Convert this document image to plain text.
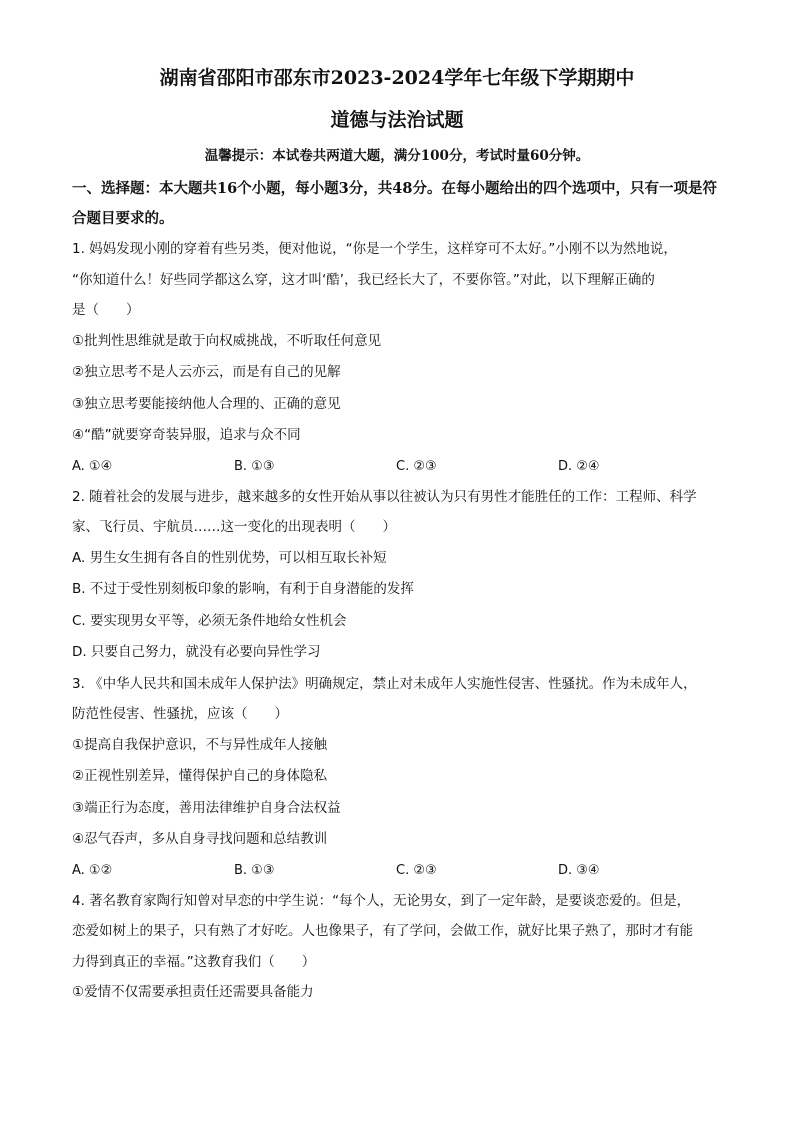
湖南省邵阳市邵东市2023-2024学年七年级下学期期中

道德与法治试题

温馨提示：本试卷共两道大题，满分100分，考试时量60分钟。

一、选择题：本大题共16个小题，每小题3分，共48分。在每小题给出的四个选项中，只有一项是符合题目要求的。

1. 妈妈发现小刚的穿着有些另类，便对他说，“你是一个学生，这样穿可不太好。”小刚不以为然地说，

“你知道什么！好些同学都这么穿，这才叫‘酷’，我已经长大了，不要你管。”对此，以下理解正确的

是（　　）

①批判性思维就是敢于向权威挑战，不听取任何意见

②独立思考不是人云亦云，而是有自己的见解

③独立思考要能接纳他人合理的、正确的意见

④“酷”就要穿奇装异服，追求与众不同

A. ①④	B. ①③	C. ②③	D. ②④

2. 随着社会的发展与进步，越来越多的女性开始从事以往被认为只有男性才能胜任的工作：工程师、科学

家、飞行员、宇航员……这一变化的出现表明（　　）

A. 男生女生拥有各自的性别优势，可以相互取长补短

B. 不过于受性别刻板印象的影响，有利于自身潜能的发挥

C. 要实现男女平等，必须无条件地给女性机会

D. 只要自己努力，就没有必要向异性学习

3. 《中华人民共和国未成年人保护法》明确规定，禁止对未成年人实施性侵害、性骚扰。作为未成年人，

防范性侵害、性骚扰，应该（　　）

①提高自我保护意识，不与异性成年人接触

②正视性别差异，懂得保护自己的身体隐私

③端正行为态度，善用法律维护自身合法权益

④忍气吞声，多从自身寻找问题和总结教训

A. ①②	B. ①③	C. ②③	D. ③④

4. 著名教育家陶行知曾对早恋的中学生说：“每个人，无论男女，到了一定年龄，是要谈恋爱的。但是，

恋爱如树上的果子，只有熟了才好吃。人也像果子，有了学问，会做工作，就好比果子熟了，那时才有能

力得到真正的幸福。”这教育我们（　　）

①爱情不仅需要承担责任还需要具备能力
